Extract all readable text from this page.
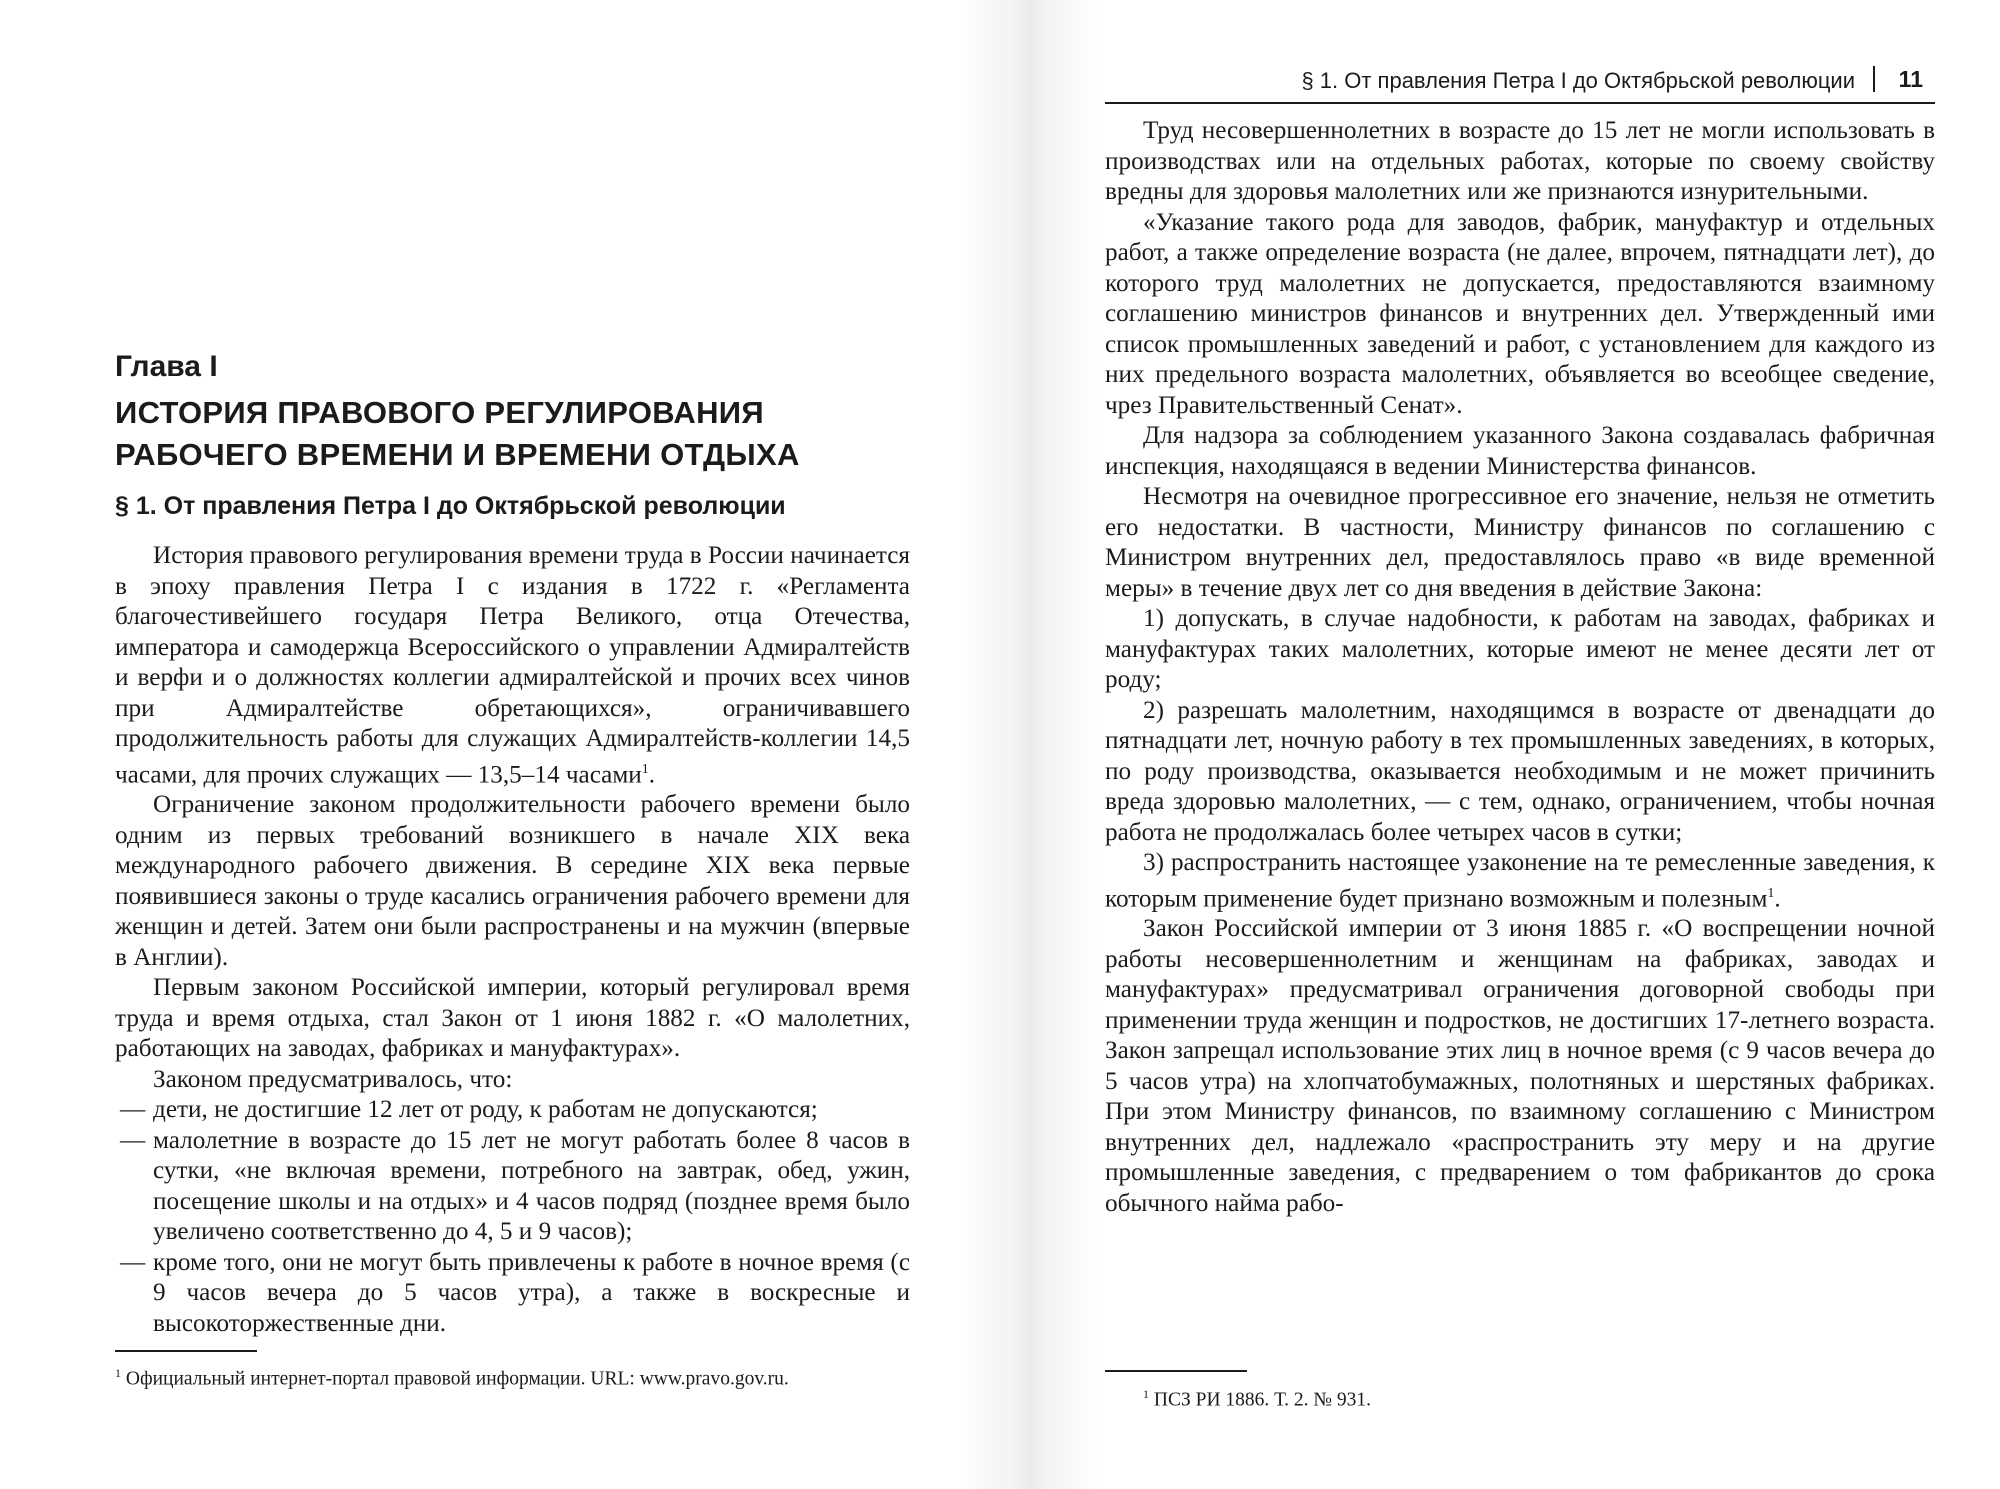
Глава I
ИСТОРИЯ ПРАВОВОГО РЕГУЛИРОВАНИЯ
РАБОЧЕГО ВРЕМЕНИ И ВРЕМЕНИ ОТДЫХА
§ 1. От правления Петра I до Октябрьской революции

История правового регулирования времени труда в России начинается в эпоху правления Петра I с издания в 1722 г. «Регламента благочестивейшего государя Петра Великого, отца Отечества, императора и самодержца Всероссийского о управлении Адмиралтейств и верфи и о должностях коллегии адмиралтейской и прочих всех чинов при Адмиралтействе обретающихся», ограничивавшего продолжительность работы для служащих Адмиралтейств-коллегии 14,5 часами, для прочих служащих — 13,5–14 часами$^1$.

Ограничение законом продолжительности рабочего времени было одним из первых требований возникшего в начале XIX века международного рабочего движения. В середине XIX века первые появившиеся законы о труде касались ограничения рабочего времени для женщин и детей. Затем они были распространены и на мужчин (впервые в Англии).

Первым законом Российской империи, который регулировал время труда и время отдыха, стал Закон от 1 июня 1882 г. «О малолетних, работающих на заводах, фабриках и мануфактурах».

Законом предусматривалось, что:

— дети, не достигшие 12 лет от роду, к работам не допускаются;
— малолетние в возрасте до 15 лет не могут работать более 8 часов в сутки, «не включая времени, потребного на завтрак, обед, ужин, посещение школы и на отдых» и 4 часов подряд (позднее время было увеличено соответственно до 4, 5 и 9 часов);
— кроме того, они не могут быть привлечены к работе в ночное время (с 9 часов вечера до 5 часов утра), а также в воскресные и высокоторжественные дни.
$^1$ Официальный интернет-портал правовой информации. URL: www.pravo.gov.ru.
§ 1. От правления Петра I до Октябрьской революции 11

Труд несовершеннолетних в возрасте до 15 лет не могли использовать в производствах или на отдельных работах, которые по своему свойству вредны для здоровья малолетних или же признаются изнурительными.

«Указание такого рода для заводов, фабрик, мануфактур и отдельных работ, а также определение возраста (не далее, впрочем, пятнадцати лет), до которого труд малолетних не допускается, предоставляются взаимному соглашению министров финансов и внутренних дел. Утвержденный ими список промышленных заведений и работ, с установлением для каждого из них предельного возраста малолетних, объявляется во всеобщее сведение, чрез Правительственный Сенат».

Для надзора за соблюдением указанного Закона создавалась фабричная инспекция, находящаяся в ведении Министерства финансов.

Несмотря на очевидное прогрессивное его значение, нельзя не отметить его недостатки. В частности, Министру финансов по соглашению с Министром внутренних дел, предоставлялось право «в виде временной меры» в течение двух лет со дня введения в действие Закона:

1) допускать, в случае надобности, к работам на заводах, фабриках и мануфактурах таких малолетних, которые имеют не менее десяти лет от роду;

2) разрешать малолетним, находящимся в возрасте от двенадцати до пятнадцати лет, ночную работу в тех промышленных заведениях, в которых, по роду производства, оказывается необходимым и не может причинить вреда здоровью малолетних, — с тем, однако, ограничением, чтобы ночная работа не продолжалась более четырех часов в сутки;

3) распространить настоящее узаконение на те ремесленные заведения, к которым применение будет признано возможным и полезным$^1$.

Закон Российской империи от 3 июня 1885 г. «О воспрещении ночной работы несовершеннолетним и женщинам на фабриках, заводах и мануфактурах» предусматривал ограничения договорной свободы при применении труда женщин и подростков, не достигших 17-летнего возраста. Закон запрещал использование этих лиц в ночное время (с 9 часов вечера до 5 часов утра) на хлопчатобумажных, полотняных и шерстяных фабриках. При этом Министру финансов, по взаимному соглашению с Министром внутренних дел, надлежало «распространить эту меру и на другие промышленные заведения, с предварением о том фабрикантов до срока обычного найма рабо-

$^1$ ПСЗ РИ 1886. Т. 2. № 931.
